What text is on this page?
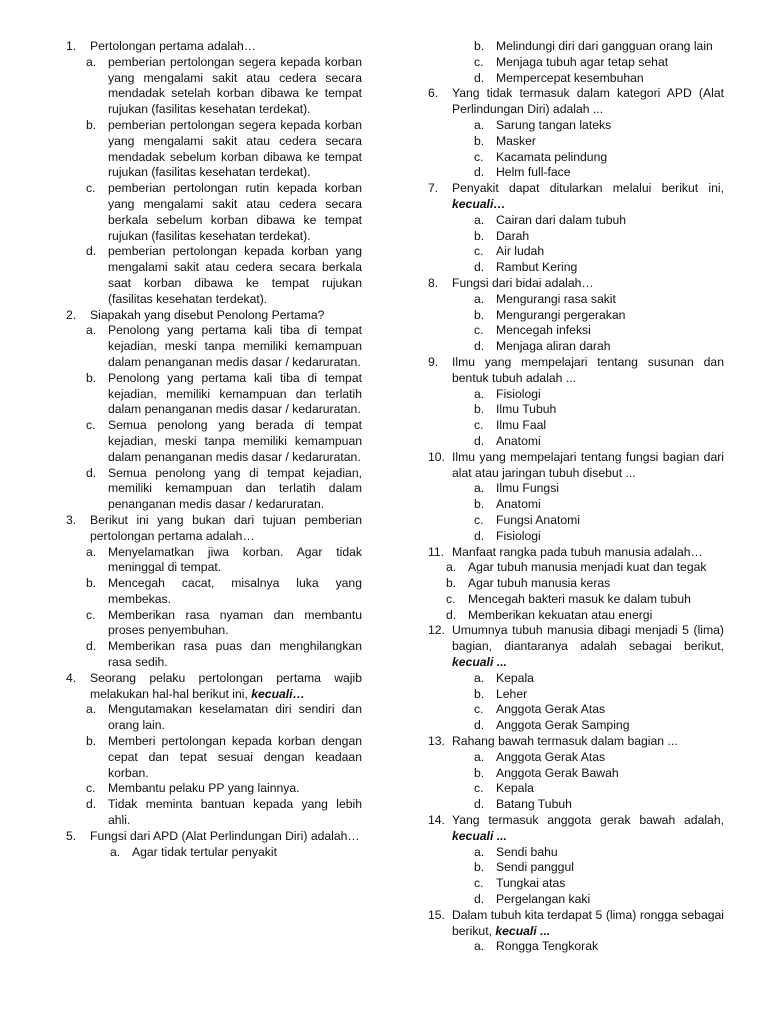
1.	Pertolongan pertama adalah…
a. pemberian pertolongan segera kepada korban yang mengalami sakit atau cedera secara mendadak setelah korban dibawa ke tempat rujukan (fasilitas kesehatan terdekat).
b. pemberian pertolongan segera kepada korban yang mengalami sakit atau cedera secara mendadak sebelum korban dibawa ke tempat rujukan (fasilitas kesehatan terdekat).
c.	pemberian pertolongan rutin kepada korban yang mengalami sakit atau cedera secara berkala sebelum korban dibawa ke tempat rujukan (fasilitas kesehatan terdekat).
d. pemberian pertolongan kepada korban yang mengalami sakit atau cedera secara berkala saat korban dibawa ke tempat rujukan (fasilitas kesehatan terdekat).
2.	Siapakah yang disebut Penolong Pertama?
a. Penolong yang pertama kali tiba di tempat kejadian, meski tanpa memiliki kemampuan dalam penanganan medis dasar / kedaruratan.
b. Penolong yang pertama kali tiba di tempat kejadian, memiliki kemampuan dan terlatih dalam penanganan medis dasar / kedaruratan.
c.	Semua penolong yang berada di tempat kejadian, meski tanpa memiliki kemampuan dalam penanganan medis dasar / kedaruratan.
d. Semua penolong yang di tempat kejadian, memiliki kemampuan dan terlatih dalam penanganan medis dasar / kedaruratan.
3.	Berikut ini yang bukan dari tujuan pemberian pertolongan pertama adalah…
a. Menyelamatkan jiwa korban. Agar tidak meninggal di tempat.
b. Mencegah cacat, misalnya luka yang membekas.
c.	Memberikan rasa nyaman dan membantu proses penyembuhan.
d. Memberikan rasa puas dan menghilangkan rasa sedih.
4.	Seorang pelaku pertolongan pertama wajib melakukan hal-hal berikut ini, kecuali…
a. Mengutamakan keselamatan diri sendiri dan orang lain.
b. Memberi pertolongan kepada korban dengan cepat dan tepat sesuai dengan keadaan korban.
c.	Membantu pelaku PP yang lainnya.
d. Tidak meminta bantuan kepada yang lebih ahli.
5.	Fungsi dari APD (Alat Perlindungan Diri) adalah…
a. Agar tidak tertular penyakit
b. Melindungi diri dari gangguan orang lain
c.	Menjaga tubuh agar tetap sehat
d. Mempercepat kesembuhan
6.	Yang tidak termasuk dalam kategori APD (Alat Perlindungan Diri) adalah ...
a. Sarung tangan lateks
b. Masker
c.	Kacamata pelindung
d. Helm full-face
7.	Penyakit dapat ditularkan melalui berikut ini, kecuali…
a. Cairan dari dalam tubuh
b. Darah
c.	Air ludah
d. Rambut Kering
8.	Fungsi dari bidai adalah…
a. Mengurangi rasa sakit
b. Mengurangi pergerakan
c.	Mencegah infeksi
d. Menjaga aliran darah
9.	Ilmu yang mempelajari tentang susunan dan bentuk tubuh adalah ...
a. Fisiologi
b. Ilmu Tubuh
c.	Ilmu Faal
d. Anatomi
10. Ilmu yang mempelajari tentang fungsi bagian dari alat atau jaringan tubuh disebut ...
a. Ilmu Fungsi
b. Anatomi
c.	Fungsi Anatomi
d. Fisiologi
11. Manfaat rangka pada tubuh manusia adalah…
a. Agar tubuh manusia menjadi kuat dan tegak
b. Agar tubuh manusia keras
c.	Mencegah bakteri masuk ke dalam tubuh
d. Memberikan kekuatan atau energi
12. Umumnya tubuh manusia dibagi menjadi 5 (lima) bagian, diantaranya adalah sebagai berikut, kecuali ...
a. Kepala
b. Leher
c.	Anggota Gerak Atas
d. Anggota Gerak Samping
13. Rahang bawah termasuk dalam bagian ...
a. Anggota Gerak Atas
b. Anggota Gerak Bawah
c.	Kepala
d. Batang Tubuh
14. Yang termasuk anggota gerak bawah adalah, kecuali ...
a. Sendi bahu
b. Sendi panggul
c.	Tungkai atas
d. Pergelangan kaki
15. Dalam tubuh kita terdapat 5 (lima) rongga sebagai berikut, kecuali ...
a. Rongga Tengkorak
